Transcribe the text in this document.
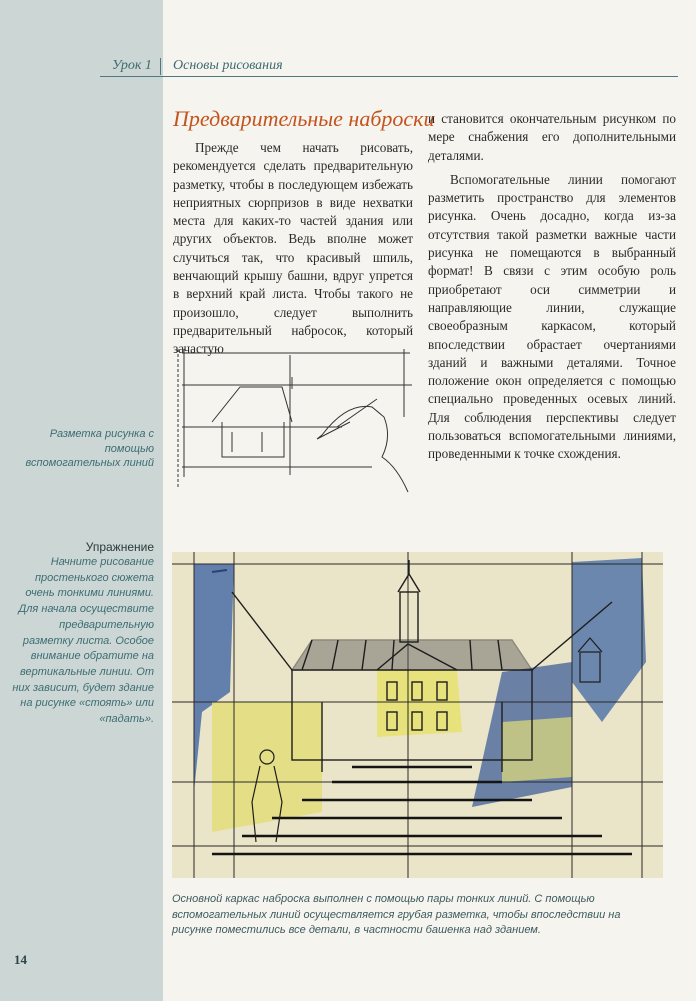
Урок 1 Основы рисования
Предварительные наброски

Прежде чем начать рисовать, рекомендуется сделать предварительную разметку, чтобы в последующем избежать неприятных сюрпризов в виде нехватки места для каких-то частей здания или других объектов. Ведь вполне может случиться так, что красивый шпиль, венчающий крышу башни, вдруг упрется в верхний край листа. Чтобы такого не произошло, следует выполнить предварительный набросок, который зачастую

и становится окончательным рисунком по мере снабжения его дополнительными деталями.

Вспомогательные линии помогают разметить пространство для элементов рисунка. Очень досадно, когда из-за отсутствия такой разметки важные части рисунка не помещаются в выбранный формат! В связи с этим особую роль приобретают оси симметрии и направляющие линии, служащие своеобразным каркасом, который впоследствии обрастает очертаниями зданий и важными деталями. Точное положение окон определяется с помощью специально проведенных осевых линий. Для соблюдения перспективы следует пользоваться вспомогательными линиями, проведенными к точке схождения.

Разметка рисунка с помощью вспомогательных линий
Упражнение
Начните рисование простенького сюжета очень тонкими линиями. Для начала осуществите предварительную разметку листа. Особое внимание обратите на вертикальные линии. От них зависит, будет здание на рисунке «стоять» или «падать».
Основной каркас наброска выполнен с помощью пары тонких линий. С помощью вспомогательных линий осуществляется грубая разметка, чтобы впоследствии на рисунке поместились все детали, в частности башенка над зданием.
14
